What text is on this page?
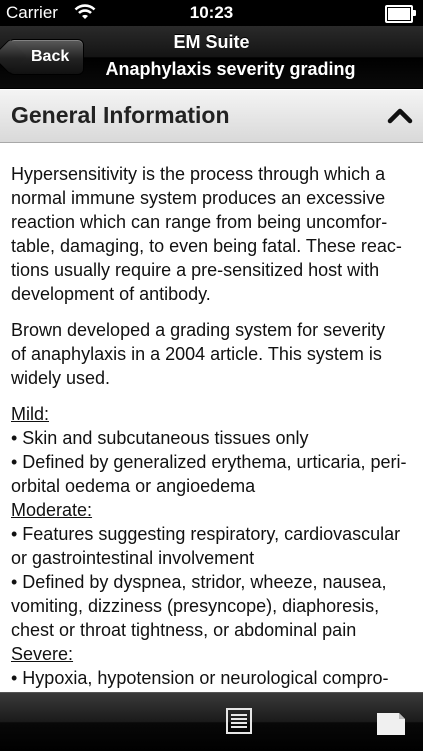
Carrier	10:23
Back
EM Suite
Anaphylaxis severity grading
General Information

Hypersensitivity is the process through which a
normal immune system produces an excessive
reaction which can range from being uncomfor-
table, damaging, to even being fatal. These reac-
tions usually require a pre-sensitized host with
development of antibody.

Brown developed a grading system for severity
of anaphylaxis in a 2004 article. This system is
widely used.

Mild:
• Skin and subcutaneous tissues only
• Defined by generalized erythema, urticaria, peri-
orbital oedema or angioedema
Moderate:
• Features suggesting respiratory, cardiovascular
or gastrointestinal involvement
• Defined by dyspnea, stridor, wheeze, nausea,
vomiting, dizziness (presyncope), diaphoresis,
chest or throat tightness, or abdominal pain
Severe:
• Hypoxia, hypotension or neurological compro-
